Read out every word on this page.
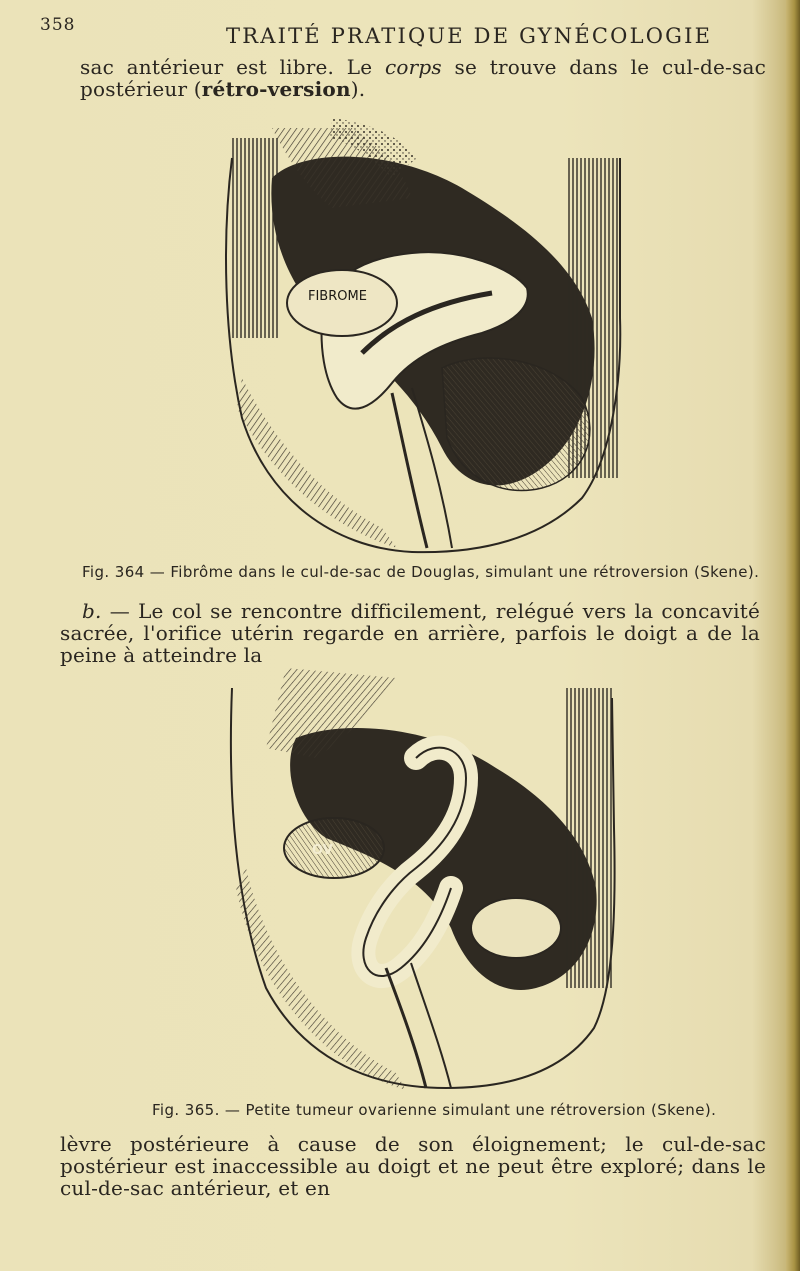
358	TRAITÉ PRATIQUE DE GYNÉCOLOGIE
sac antérieur est libre. Le corps se trouve dans le cul-de-sac postérieur (rétro-version).
FIBROME
Fig. 364 — Fibrôme dans le cul-de-sac de Douglas, simulant une rétroversion (Skene).
b. — Le col se rencontre difficilement, relégué vers la concavité sacrée, l'orifice utérin regarde en arrière, parfois le doigt a de la peine à atteindre la
OV
Fig. 365. — Petite tumeur ovarienne simulant une rétroversion (Skene).
lèvre postérieure à cause de son éloignement; le cul-de-sac postérieur est inaccessible au doigt et ne peut être exploré; dans le cul-de-sac antérieur, et en
